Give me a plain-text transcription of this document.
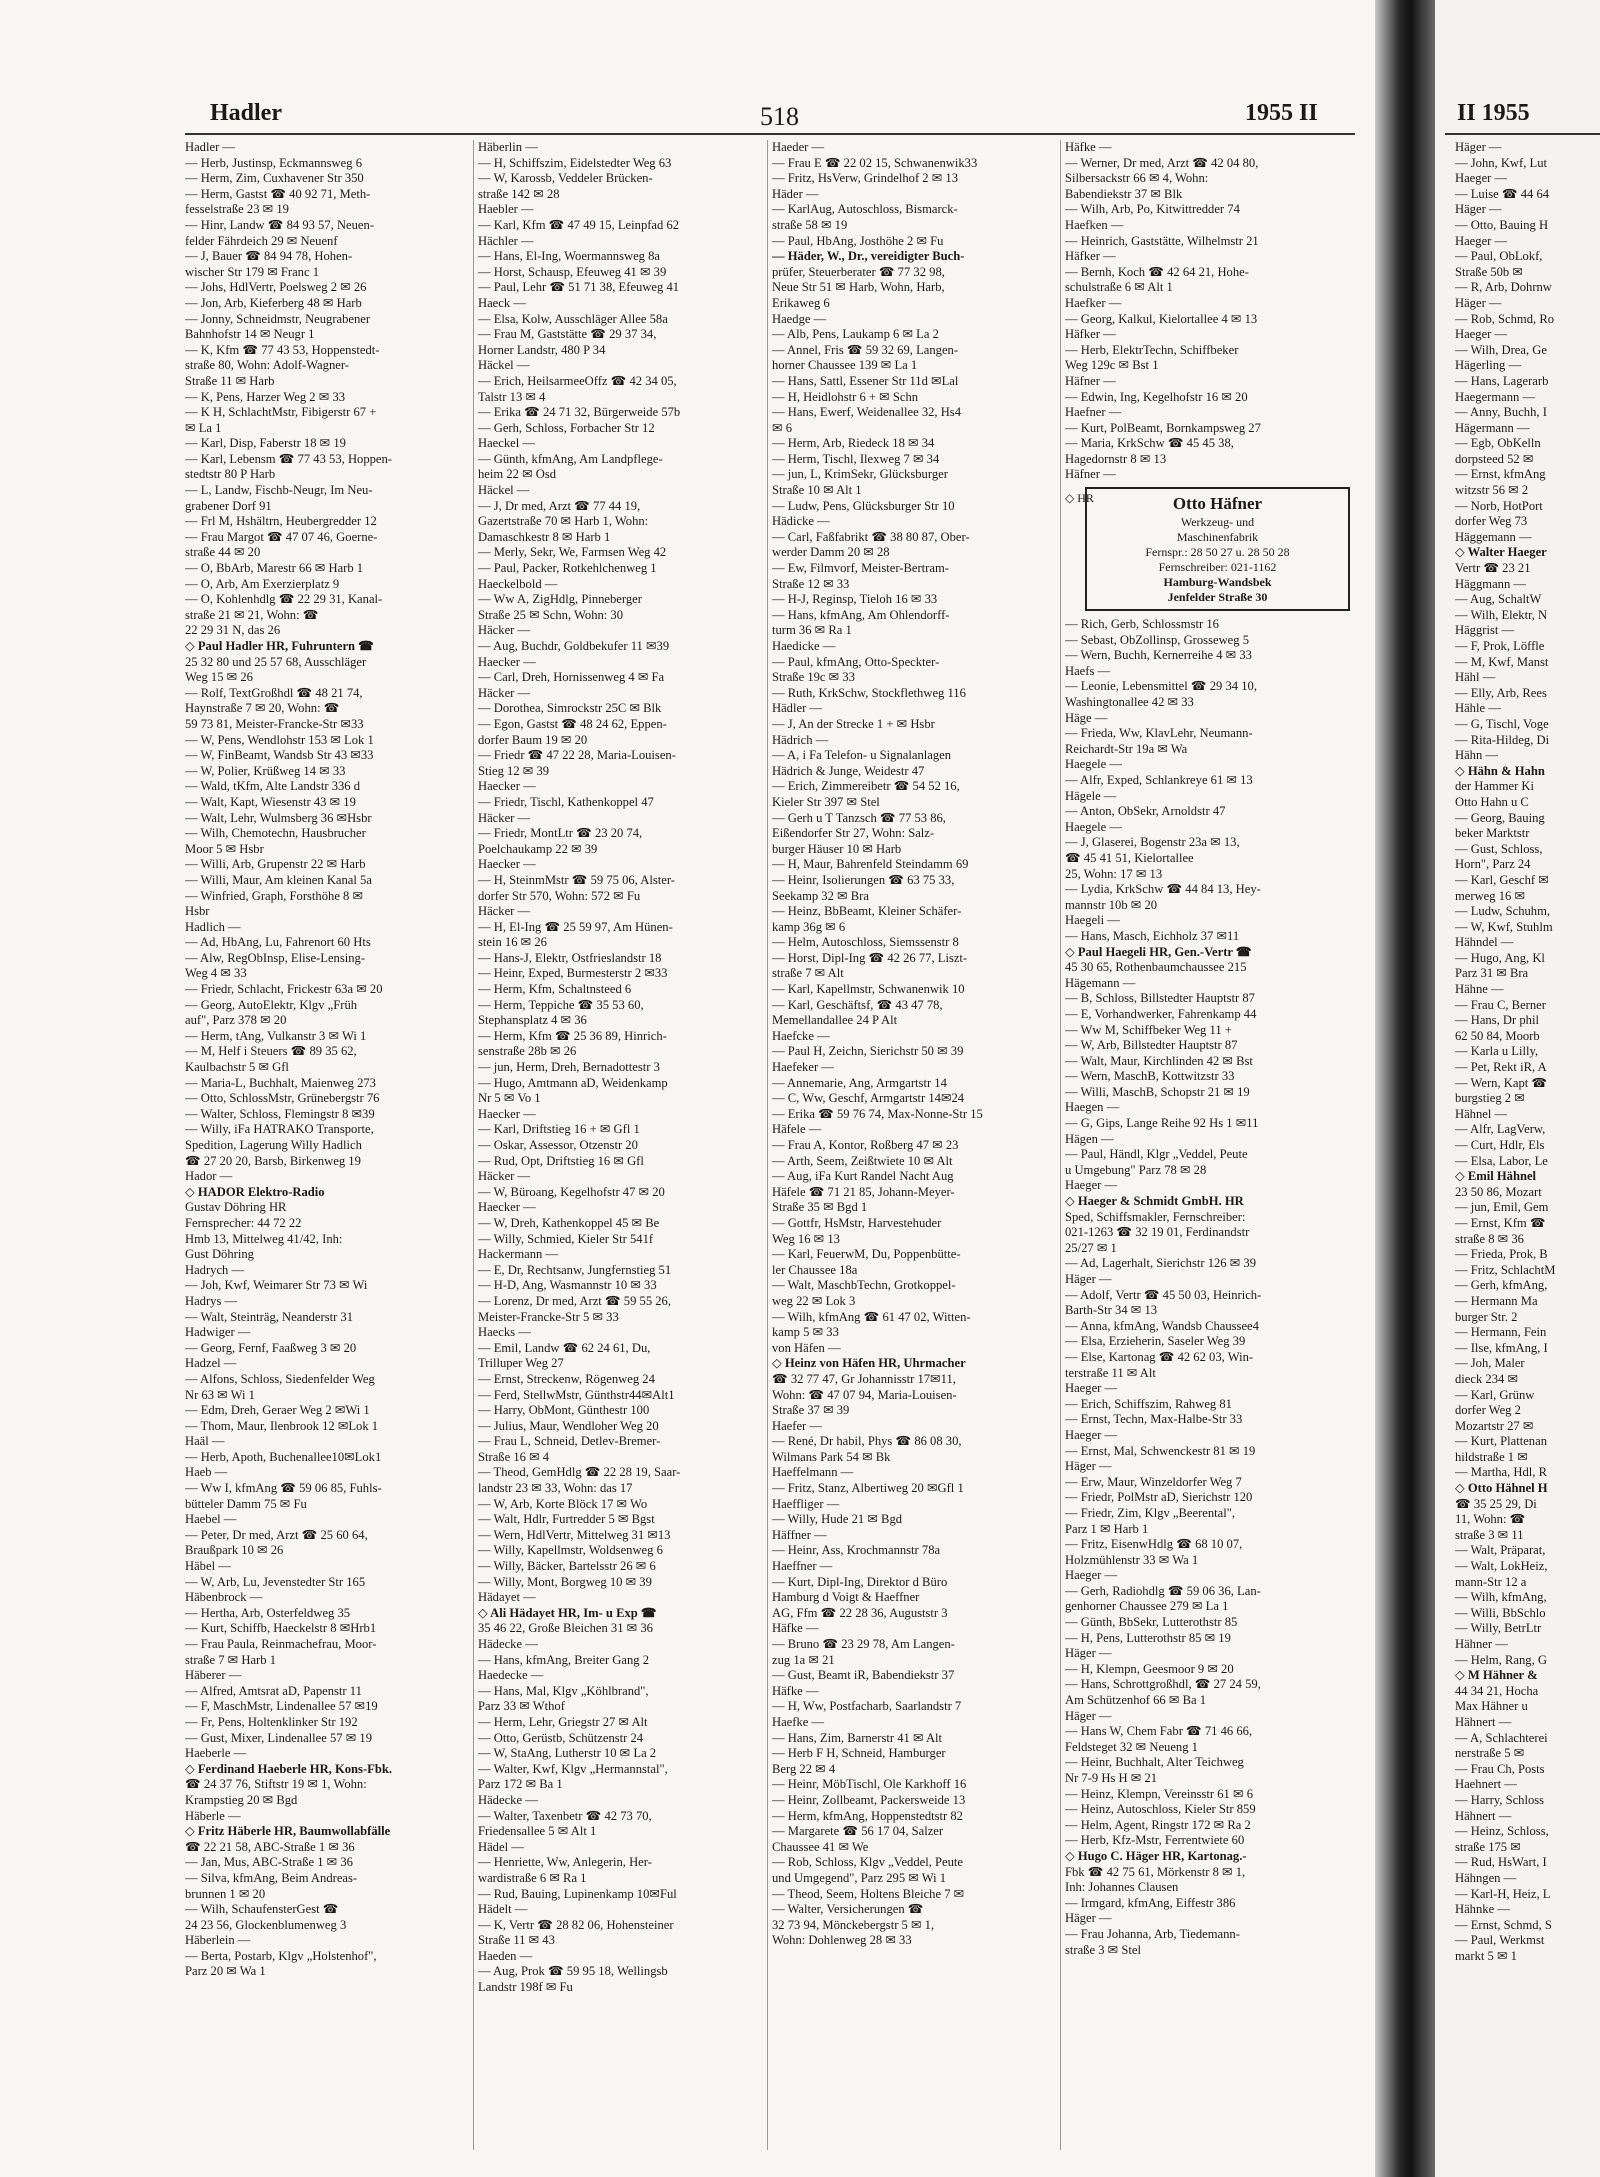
Hadler	518	1955 II
Hadler —
— Herb, Justinsp, Eckmannsweg 6
— Herm, Zim, Cuxhavener Str 350
— Herm, Gastst ☎ 40 92 71, Meth-
fesselstraße 23 ✉ 19
— Hinr, Landw ☎ 84 93 57, Neuen-
felder Fährdeich 29 ✉ Neuenf
— J, Bauer ☎ 84 94 78, Hohen-
wischer Str 179 ✉ Franc 1
— Johs, HdlVertr, Poelsweg 2 ✉ 26
— Jon, Arb, Kieferberg 48 ✉ Harb
— Jonny, Schneidmstr, Neugrabener
Bahnhofstr 14 ✉ Neugr 1
— K, Kfm ☎ 77 43 53, Hoppenstedt-
straße 80, Wohn: Adolf-Wagner-
Straße 11 ✉ Harb
— K, Pens, Harzer Weg 2 ✉ 33
— K H, SchlachtMstr, Fibigerstr 67 +
✉ La 1
— Karl, Disp, Faberstr 18 ✉ 19
— Karl, Lebensm ☎ 77 43 53, Hoppen-
stedtstr 80 P Harb
— L, Landw, Fischb-Neugr, Im Neu-
grabener Dorf 91
— Frl M, Hshältrn, Heubergredder 12
— Frau Margot ☎ 47 07 46, Goerne-
straße 44 ✉ 20
— O, BbArb, Marestr 66 ✉ Harb 1
— O, Arb, Am Exerzierplatz 9
— O, Kohlenhdlg ☎ 22 29 31, Kanal-
straße 21 ✉ 21, Wohn: ☎
22 29 31 N, das 26
◇ Paul Hadler HR, Fuhruntern ☎
25 32 80 und 25 57 68, Ausschläger
Weg 15 ✉ 26
— Rolf, TextGroßhdl ☎ 48 21 74,
Haynstraße 7 ✉ 20, Wohn: ☎
59 73 81, Meister-Francke-Str ✉33
— W, Pens, Wendlohstr 153 ✉ Lok 1
— W, FinBeamt, Wandsb Str 43 ✉33
— W, Polier, Krüßweg 14 ✉ 33
— Wald, tKfm, Alte Landstr 336 d
— Walt, Kapt, Wiesenstr 43 ✉ 19
— Walt, Lehr, Wulmsberg 36 ✉Hsbr
— Wilh, Chemotechn, Hausbrucher
Moor 5 ✉ Hsbr
— Willi, Arb, Grupenstr 22 ✉ Harb
— Willi, Maur, Am kleinen Kanal 5a
— Winfried, Graph, Forsthöhe 8 ✉
Hsbr
Hadlich —
— Ad, HbAng, Lu, Fahrenort 60 Hts
— Alw, RegObInsp, Elise-Lensing-
Weg 4 ✉ 33
— Friedr, Schlacht, Frickestr 63a ✉ 20
— Georg, AutoElektr, Klgv „Früh
auf", Parz 378 ✉ 20
— Herm, tAng, Vulkanstr 3 ✉ Wi 1
— M, Helf i Steuers ☎ 89 35 62,
Kaulbachstr 5 ✉ Gfl
— Maria-L, Buchhalt, Maienweg 273
— Otto, SchlossMstr, Grünebergstr 76
— Walter, Schloss, Flemingstr 8 ✉39
— Willy, iFa HATRAKO Transporte,
Spedition, Lagerung Willy Hadlich
☎ 27 20 20, Barsb, Birkenweg 19
Hador —
◇ HADOR Elektro-Radio
Gustav Döhring HR
Fernsprecher: 44 72 22
Hmb 13, Mittelweg 41/42, Inh:
Gust Döhring
Hadrych —
— Joh, Kwf, Weimarer Str 73 ✉ Wi
Hadrys —
— Walt, Steinträg, Neanderstr 31
Hadwiger —
— Georg, Fernf, Faaßweg 3 ✉ 20
Hadzel —
— Alfons, Schloss, Siedenfelder Weg
Nr 63 ✉ Wi 1
— Edm, Dreh, Geraer Weg 2 ✉Wi 1
— Thom, Maur, Ilenbrook 12 ✉Lok 1
Haäl —
— Herb, Apoth, Buchenallee10✉Lok1
Haeb —
— Ww I, kfmAng ☎ 59 06 85, Fuhls-
bütteler Damm 75 ✉ Fu
Haebel —
— Peter, Dr med, Arzt ☎ 25 60 64,
Braußpark 10 ✉ 26
Häbel —
— W, Arb, Lu, Jevenstedter Str 165
Häbenbrock —
— Hertha, Arb, Osterfeldweg 35
— Kurt, Schiffb, Haeckelstr 8 ✉Hrb1
— Frau Paula, Reinmachefrau, Moor-
straße 7 ✉ Harb 1
Häberer —
— Alfred, Amtsrat aD, Papenstr 11
— F, MaschMstr, Lindenallee 57 ✉19
— Fr, Pens, Holtenklinker Str 192
— Gust, Mixer, Lindenallee 57 ✉ 19
Haeberle —
◇ Ferdinand Haeberle HR, Kons-Fbk.
☎ 24 37 76, Stiftstr 19 ✉ 1, Wohn:
Krampstieg 20 ✉ Bgd
Häberle —
◇ Fritz Häberle HR, Baumwollabfälle
☎ 22 21 58, ABC-Straße 1 ✉ 36
— Jan, Mus, ABC-Straße 1 ✉ 36
— Silva, kfmAng, Beim Andreas-
brunnen 1 ✉ 20
— Wilh, SchaufensterGest ☎
24 23 56, Glockenblumenweg 3
Häberlein —
— Berta, Postarb, Klgv „Holstenhof",
Parz 20 ✉ Wa 1
Häberlin —
— H, Schiffszim, Eidelstedter Weg 63
— W, Karossb, Veddeler Brücken-
straße 142 ✉ 28
Haebler —
— Karl, Kfm ☎ 47 49 15, Leinpfad 62
Hächler —
— Hans, El-Ing, Woermannsweg 8a
— Horst, Schausp, Efeuweg 41 ✉ 39
— Paul, Lehr ☎ 51 71 38, Efeuweg 41
Haeck —
— Elsa, Kolw, Ausschläger Allee 58a
— Frau M, Gaststätte ☎ 29 37 34,
Horner Landstr, 480 P 34
Häckel —
— Erich, HeilsarmeeOffz ☎ 42 34 05,
Talstr 13 ✉ 4
— Erika ☎ 24 71 32, Bürgerweide 57b
— Gerh, Schloss, Forbacher Str 12
Haeckel —
— Günth, kfmAng, Am Landpflege-
heim 22 ✉ Osd
Häckel —
— J, Dr med, Arzt ☎ 77 44 19,
Gazertstraße 70 ✉ Harb 1, Wohn:
Damaschkestr 8 ✉ Harb 1
— Merly, Sekr, We, Farmsen Weg 42
— Paul, Packer, Rotkehlchenweg 1
Haeckelbold —
— Ww A, ZigHdlg, Pinneberger
Straße 25 ✉ Schn, Wohn: 30
Häcker —
— Aug, Buchdr, Goldbekufer 11 ✉39
Haecker —
— Carl, Dreh, Hornissenweg 4 ✉ Fa
Häcker —
— Dorothea, Simrockstr 25C ✉ Blk
— Egon, Gastst ☎ 48 24 62, Eppen-
dorfer Baum 19 ✉ 20
— Friedr ☎ 47 22 28, Maria-Louisen-
Stieg 12 ✉ 39
Haecker —
— Friedr, Tischl, Kathenkoppel 47
Häcker —
— Friedr, MontLtr ☎ 23 20 74,
Poelchaukamp 22 ✉ 39
Haecker —
— H, SteinmMstr ☎ 59 75 06, Alster-
dorfer Str 570, Wohn: 572 ✉ Fu
Häcker —
— H, El-Ing ☎ 25 59 97, Am Hünen-
stein 16 ✉ 26
— Hans-J, Elektr, Ostfrieslandstr 18
— Heinr, Exped, Burmesterstr 2 ✉33
— Herm, Kfm, Schaltnsteed 6
— Herm, Teppiche ☎ 35 53 60,
Stephansplatz 4 ✉ 36
— Herm, Kfm ☎ 25 36 89, Hinrich-
senstraße 28b ✉ 26
— jun, Herm, Dreh, Bernadottestr 3
— Hugo, Amtmann aD, Weidenkamp
Nr 5 ✉ Vo 1
Haecker —
— Karl, Driftstieg 16 + ✉ Gfl 1
— Oskar, Assessor, Otzenstr 20
— Rud, Opt, Driftstieg 16 ✉ Gfl
Häcker —
— W, Büroang, Kegelhofstr 47 ✉ 20
Haecker —
— W, Dreh, Kathenkoppel 45 ✉ Be
— Willy, Schmied, Kieler Str 541f
Hackermann —
— E, Dr, Rechtsanw, Jungfernstieg 51
— H-D, Ang, Wasmannstr 10 ✉ 33
— Lorenz, Dr med, Arzt ☎ 59 55 26,
Meister-Francke-Str 5 ✉ 33
Haecks —
— Emil, Landw ☎ 62 24 61, Du,
Trilluper Weg 27
— Ernst, Streckenw, Rögenweg 24
— Ferd, StellwMstr, Günthstr44✉Alt1
— Harry, ObMont, Günthestr 100
— Julius, Maur, Wendloher Weg 20
— Frau L, Schneid, Detlev-Bremer-
Straße 16 ✉ 4
— Theod, GemHdlg ☎ 22 28 19, Saar-
landstr 23 ✉ 33, Wohn: das 17
— W, Arb, Korte Blöck 17 ✉ Wo
— Walt, Hdlr, Furtredder 5 ✉ Bgst
— Wern, HdlVertr, Mittelweg 31 ✉13
— Willy, Kapellmstr, Woldsenweg 6
— Willy, Bäcker, Bartelsstr 26 ✉ 6
— Willy, Mont, Borgweg 10 ✉ 39
Hädayet —
◇ Ali Hädayet HR, Im- u Exp ☎
35 46 22, Große Bleichen 31 ✉ 36
Hädecke —
— Hans, kfmAng, Breiter Gang 2
Haedecke —
— Hans, Mal, Klgv „Köhlbrand",
Parz 33 ✉ Wthof
— Herm, Lehr, Griegstr 27 ✉ Alt
— Otto, Gerüstb, Schützenstr 24
— W, StaAng, Lutherstr 10 ✉ La 2
— Walter, Kwf, Klgv „Hermannstal",
Parz 172 ✉ Ba 1
Hädecke —
— Walter, Taxenbetr ☎ 42 73 70,
Friedensallee 5 ✉ Alt 1
Hädel —
— Henriette, Ww, Anlegerin, Her-
wardistraße 6 ✉ Ra 1
— Rud, Bauing, Lupinenkamp 10✉Ful
Hädelt —
— K, Vertr ☎ 28 82 06, Hohensteiner
Straße 11 ✉ 43
Haeden —
— Aug, Prok ☎ 59 95 18, Wellingsb
Landstr 198f ✉ Fu
Haeder —
— Frau E ☎ 22 02 15, Schwanenwik33
— Fritz, HsVerw, Grindelhof 2 ✉ 13
Häder —
— KarlAug, Autoschloss, Bismarck-
straße 58 ✉ 19
— Paul, HbAng, Josthöhe 2 ✉ Fu
— Häder, W., Dr., vereidigter Buch-
prüfer, Steuerberater ☎ 77 32 98,
Neue Str 51 ✉ Harb, Wohn, Harb,
Erikaweg 6
Haedge —
— Alb, Pens, Laukamp 6 ✉ La 2
— Annel, Fris ☎ 59 32 69, Langen-
horner Chaussee 139 ✉ La 1
— Hans, Sattl, Essener Str 11d ✉Lal
— H, Heidlohstr 6 + ✉ Schn
— Hans, Ewerf, Weidenallee 32, Hs4
✉ 6
— Herm, Arb, Riedeck 18 ✉ 34
— Herm, Tischl, Ilexweg 7 ✉ 34
— jun, L, KrimSekr, Glücksburger
Straße 10 ✉ Alt 1
— Ludw, Pens, Glücksburger Str 10
Hädicke —
— Carl, Faßfabrikt ☎ 38 80 87, Ober-
werder Damm 20 ✉ 28
— Ew, Filmvorf, Meister-Bertram-
Straße 12 ✉ 33
— H-J, Reginsp, Tieloh 16 ✉ 33
— Hans, kfmAng, Am Ohlendorff-
turm 36 ✉ Ra 1
Haedicke —
— Paul, kfmAng, Otto-Speckter-
Straße 19c ✉ 33
— Ruth, KrkSchw, Stockflethweg 116
Hädler —
— J, An der Strecke 1 + ✉ Hsbr
Hädrich —
— A, i Fa Telefon- u Signalanlagen
Hädrich & Junge, Weidestr 47
— Erich, Zimmereibetr ☎ 54 52 16,
Kieler Str 397 ✉ Stel
— Gerh u T Tanzsch ☎ 77 53 86,
Eißendorfer Str 27, Wohn: Salz-
burger Häuser 10 ✉ Harb
— H, Maur, Bahrenfeld Steindamm 69
— Heinr, Isolierungen ☎ 63 75 33,
Seekamp 32 ✉ Bra
— Heinz, BbBeamt, Kleiner Schäfer-
kamp 36g ✉ 6
— Helm, Autoschloss, Siemssenstr 8
— Horst, Dipl-Ing ☎ 42 26 77, Liszt-
straße 7 ✉ Alt
— Karl, Kapellmstr, Schwanenwik 10
— Karl, Geschäftsf, ☎ 43 47 78,
Memellandallee 24 P Alt
Haefcke —
— Paul H, Zeichn, Sierichstr 50 ✉ 39
Haefeker —
— Annemarie, Ang, Armgartstr 14
— C, Ww, Geschf, Armgartstr 14✉24
— Erika ☎ 59 76 74, Max-Nonne-Str 15
Häfele —
— Frau A, Kontor, Roßberg 47 ✉ 23
— Arth, Seem, Zeißtwiete 10 ✉ Alt
— Aug, iFa Kurt Randel Nacht Aug
Häfele ☎ 71 21 85, Johann-Meyer-
Straße 35 ✉ Bgd 1
— Gottfr, HsMstr, Harvestehuder
Weg 16 ✉ 13
— Karl, FeuerwM, Du, Poppenbütte-
ler Chaussee 18a
— Walt, MaschbTechn, Grotkoppel-
weg 22 ✉ Lok 3
— Wilh, kfmAng ☎ 61 47 02, Witten-
kamp 5 ✉ 33
von Häfen —
◇ Heinz von Häfen HR, Uhrmacher
☎ 32 77 47, Gr Johannisstr 17✉11,
Wohn: ☎ 47 07 94, Maria-Louisen-
Straße 37 ✉ 39
Haefer —
— René, Dr habil, Phys ☎ 86 08 30,
Wilmans Park 54 ✉ Bk
Haeffelmann —
— Fritz, Stanz, Albertiweg 20 ✉Gfl 1
Haeffliger —
— Willy, Hude 21 ✉ Bgd
Häffner —
— Heinr, Ass, Krochmannstr 78a
Haeffner —
— Kurt, Dipl-Ing, Direktor d Büro
Hamburg d Voigt & Haeffner
AG, Ffm ☎ 22 28 36, Auguststr 3
Häfke —
— Bruno ☎ 23 29 78, Am Langen-
zug 1a ✉ 21
— Gust, Beamt iR, Babendiekstr 37
Häfke —
— H, Ww, Postfacharb, Saarlandstr 7
Haefke —
— Hans, Zim, Barnerstr 41 ✉ Alt
— Herb F H, Schneid, Hamburger
Berg 22 ✉ 4
— Heinr, MöbTischl, Ole Karkhoff 16
— Heinr, Zollbeamt, Packersweide 13
— Herm, kfmAng, Hoppenstedtstr 82
— Margarete ☎ 56 17 04, Salzer
Chaussee 41 ✉ We
— Rob, Schloss, Klgv „Veddel, Peute
und Umgegend", Parz 295 ✉ Wi 1
— Theod, Seem, Holtens Bleiche 7 ✉
— Walter, Versicherungen ☎
32 73 94, Mönckebergstr 5 ✉ 1,
Wohn: Dohlenweg 28 ✉ 33
Häfke —
— Werner, Dr med, Arzt ☎ 42 04 80,
Silbersackstr 66 ✉ 4, Wohn:
Babendiekstr 37 ✉ Blk
— Wilh, Arb, Po, Kitwittredder 74
Haefken —
— Heinrich, Gaststätte, Wilhelmstr 21
Häfker —
— Bernh, Koch ☎ 42 64 21, Hohe-
schulstraße 6 ✉ Alt 1
Haefker —
— Georg, Kalkul, Kielortallee 4 ✉ 13
Häfker —
— Herb, ElektrTechn, Schiffbeker
Weg 129c ✉ Bst 1
Häfner —
— Edwin, Ing, Kegelhofstr 16 ✉ 20
Haefner —
— Kurt, PolBeamt, Bornkampsweg 27
— Maria, KrkSchw ☎ 45 45 38,
Hagedornstr 8 ✉ 13
Häfner —
◇ HR	Otto Häfner
Werkzeug- und
Maschinenfabrik
Fernspr.: 28 50 27 u. 28 50 28
Fernschreiber: 021-1162
Hamburg-Wandsbek
Jenfelder Straße 30
— Rich, Gerb, Schlossmstr 16
— Sebast, ObZollinsp, Grosseweg 5
— Wern, Buchh, Kernerreihe 4 ✉ 33
Haefs —
— Leonie, Lebensmittel ☎ 29 34 10,
Washingtonallee 42 ✉ 33
Häge —
— Frieda, Ww, KlavLehr, Neumann-
Reichardt-Str 19a ✉ Wa
Haegele —
— Alfr, Exped, Schlankreye 61 ✉ 13
Hägele —
— Anton, ObSekr, Arnoldstr 47
Haegele —
— J, Glaserei, Bogenstr 23a ✉ 13,
☎ 45 41 51, Kielortallee
25, Wohn: 17 ✉ 13
— Lydia, KrkSchw ☎ 44 84 13, Hey-
mannstr 10b ✉ 20
Haegeli —
— Hans, Masch, Eichholz 37 ✉11
◇ Paul Haegeli HR, Gen.-Vertr ☎
45 30 65, Rothenbaumchaussee 215
Hägemann —
— B, Schloss, Billstedter Hauptstr 87
— E, Vorhandwerker, Fahrenkamp 44
— Ww M, Schiffbeker Weg 11 +
— W, Arb, Billstedter Hauptstr 87
— Walt, Maur, Kirchlinden 42 ✉ Bst
— Wern, MaschB, Kottwitzstr 33
— Willi, MaschB, Schopstr 21 ✉ 19
Haegen —
— G, Gips, Lange Reihe 92 Hs 1 ✉11
Hägen —
— Paul, Händl, Klgr „Veddel, Peute
u Umgebung" Parz 78 ✉ 28
Haeger —
◇ Haeger & Schmidt GmbH. HR
Sped, Schiffsmakler, Fernschreiber:
021-1263 ☎ 32 19 01, Ferdinandstr
25/27 ✉ 1
— Ad, Lagerhalt, Sierichstr 126 ✉ 39
Häger —
— Adolf, Vertr ☎ 45 50 03, Heinrich-
Barth-Str 34 ✉ 13
— Anna, kfmAng, Wandsb Chaussee4
— Elsa, Erzieherin, Saseler Weg 39
— Else, Kartonag ☎ 42 62 03, Win-
terstraße 11 ✉ Alt
Haeger —
— Erich, Schiffszim, Rahweg 81
— Ernst, Techn, Max-Halbe-Str 33
Haeger —
— Ernst, Mal, Schwenckestr 81 ✉ 19
Häger —
— Erw, Maur, Winzeldorfer Weg 7
— Friedr, PolMstr aD, Sierichstr 120
— Friedr, Zim, Klgv „Beerental",
Parz 1 ✉ Harb 1
— Fritz, EisenwHdlg ☎ 68 10 07,
Holzmühlenstr 33 ✉ Wa 1
Haeger —
— Gerh, Radiohdlg ☎ 59 06 36, Lan-
genhorner Chaussee 279 ✉ La 1
— Günth, BbSekr, Lutterothstr 85
— H, Pens, Lutterothstr 85 ✉ 19
Häger —
— H, Klempn, Geesmoor 9 ✉ 20
— Hans, Schrottgroßhdl, ☎ 27 24 59,
Am Schützenhof 66 ✉ Ba 1
Häger —
— Hans W, Chem Fabr ☎ 71 46 66,
Feldsteget 32 ✉ Neueng 1
— Heinr, Buchhalt, Alter Teichweg
Nr 7-9 Hs H ✉ 21
— Heinz, Klempn, Vereinsstr 61 ✉ 6
— Heinz, Autoschloss, Kieler Str 859
— Helm, Agent, Ringstr 172 ✉ Ra 2
— Herb, Kfz-Mstr, Ferrentwiete 60
◇ Hugo C. Häger HR, Kartonag.-
Fbk ☎ 42 75 61, Mörkenstr 8 ✉ 1,
Inh: Johannes Clausen
— Irmgard, kfmAng, Eiffestr 386
Häger —
— Frau Johanna, Arb, Tiedemann-
straße 3 ✉ Stel
II 1955
Häger —
— John, Kwf, Lut
Haeger —
— Luise ☎ 44 64
Häger —
— Otto, Bauing H
Haeger —
— Paul, ObLokf,
Straße 50b ✉
— R, Arb, Dohrnw
Häger —
— Rob, Schmd, Ro
Haeger —
— Wilh, Drea, Ge
Hägerling —
— Hans, Lagerarb
Haegermann —
— Anny, Buchh, I
Hägermann —
— Egb, ObKelln
dorpsteed 52 ✉
— Ernst, kfmAng
witzstr 56 ✉ 2
— Norb, HotPort
dorfer Weg 73
Häggemann —
◇ Walter Haeger
Vertr ☎ 23 21
Häggmann —
— Aug, SchaltW
— Wilh, Elektr, N
Häggrist —
— F, Prok, Löffle
— M, Kwf, Manst
Hähl —
— Elly, Arb, Rees
Hähle —
— G, Tischl, Voge
— Rita-Hildeg, Di
Hähn —
◇ Hähn & Hahn
der Hammer Ki
Otto Hahn u C
— Georg, Bauing
beker Marktstr
— Gust, Schloss,
Horn", Parz 24
— Karl, Geschf ✉
merweg 16 ✉
— Ludw, Schuhm,
— W, Kwf, Stuhlm
Hähndel —
— Hugo, Ang, Kl
Parz 31 ✉ Bra
Hähne —
— Frau C, Berner
— Hans, Dr phil
62 50 84, Moorb
— Karla u Lilly,
— Pet, Rekt iR, A
— Wern, Kapt ☎
burgstieg 2 ✉
Hähnel —
— Alfr, LagVerw,
— Curt, Hdlr, Els
— Elsa, Labor, Le
◇ Emil Hähnel
23 50 86, Mozart
— jun, Emil, Gem
— Ernst, Kfm ☎
straße 8 ✉ 36
— Frieda, Prok, B
— Fritz, SchlachtM
— Gerh, kfmAng,
— Hermann Ma
burger Str. 2
— Hermann, Fein
— Ilse, kfmAng, I
— Joh, Maler
dieck 234 ✉
— Karl, Grünw
dorfer Weg 2
Mozartstr 27 ✉
— Kurt, Plattenan
hildstraße 1 ✉
— Martha, Hdl, R
◇ Otto Hähnel H
☎ 35 25 29, Di
11, Wohn: ☎
straße 3 ✉ 11
— Walt, Präparat,
— Walt, LokHeiz,
mann-Str 12 a
— Wilh, kfmAng,
— Willi, BbSchlo
— Willy, BetrLtr
Hähner —
— Helm, Rang, G
◇ M Hähner &
44 34 21, Hocha
Max Hähner u
Hähnert —
— A, Schlachterei
nerstraße 5 ✉
— Frau Ch, Posts
Haehnert —
— Harry, Schloss
Hähnert —
— Heinz, Schloss,
straße 175 ✉
— Rud, HsWart, I
Hähngen —
— Karl-H, Heiz, L
Hähnke —
— Ernst, Schmd, S
— Paul, Werkmst
markt 5 ✉ 1
